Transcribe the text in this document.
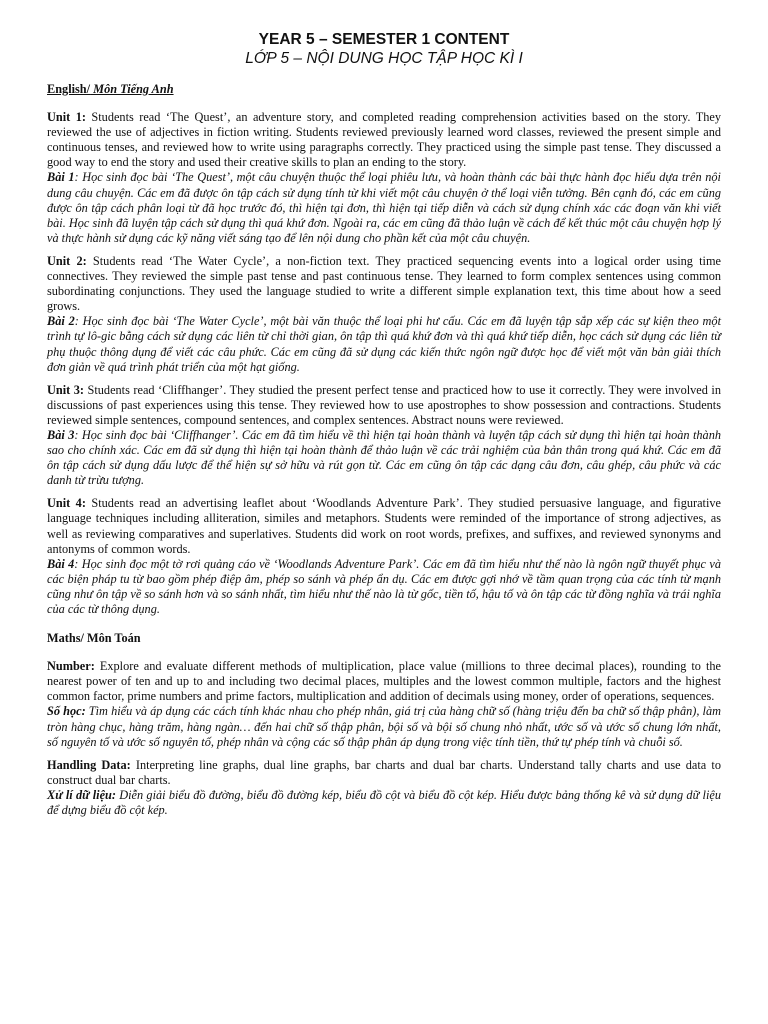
YEAR 5 – SEMESTER 1 CONTENT
LỚP 5 – NỘI DUNG HỌC TẬP HỌC KÌ I
English/ Môn Tiếng Anh

Unit 1: Students read ‘The Quest’, an adventure story, and completed reading comprehension activities based on the story. They reviewed the use of adjectives in fiction writing. Students reviewed previously learned word classes, reviewed the present simple and continuous tenses, and reviewed how to write using paragraphs correctly. They practiced using the simple past tense. They discussed a good way to end the story and used their creative skills to plan an ending to the story.

Bài 1: Học sinh đọc bài ‘The Quest’, một câu chuyện thuộc thể loại phiêu lưu, và hoàn thành các bài thực hành đọc hiểu dựa trên nội dung câu chuyện. Các em đã được ôn tập cách sử dụng tính từ khi viết một câu chuyện ở thể loại viễn tưởng. Bên cạnh đó, các em cũng được ôn tập cách phân loại từ đã học trước đó, thì hiện tại đơn, thì hiện tại tiếp diễn và cách sử dụng chính xác các đoạn văn khi viết bài. Học sinh đã luyện tập cách sử dụng thì quá khứ đơn. Ngoài ra, các em cũng đã thảo luận về cách để kết thúc một câu chuyện hợp lý và thực hành sử dụng các kỹ năng viết sáng tạo để lên nội dung cho phần kết của một câu chuyện.

Unit 2: Students read ‘The Water Cycle’, a non-fiction text. They practiced sequencing events into a logical order using time connectives. They reviewed the simple past tense and past continuous tense. They learned to form complex sentences using common subordinating conjunctions. They used the language studied to write a different simple explanation text, this time about how a seed grows.

Bài 2: Học sinh đọc bài ‘The Water Cycle’, một bài văn thuộc thể loại phi hư cấu. Các em đã luyện tập sắp xếp các sự kiện theo một trình tự lô-gic bằng cách sử dụng các liên từ chỉ thời gian, ôn tập thì quá khứ đơn và thì quá khứ tiếp diễn, học cách sử dụng các liên từ phụ thuộc thông dụng để viết các câu phức. Các em cũng đã sử dụng các kiến thức ngôn ngữ được học để viết một văn bản giải thích đơn giản về quá trình phát triển của một hạt giống.

Unit 3: Students read ‘Cliffhanger’. They studied the present perfect tense and practiced how to use it correctly. They were involved in discussions of past experiences using this tense. They reviewed how to use apostrophes to show possession and contractions. Students reviewed simple sentences, compound sentences, and complex sentences. Abstract nouns were reviewed.

Bài 3: Học sinh đọc bài ‘Cliffhanger’. Các em đã tìm hiểu về thì hiện tại hoàn thành và luyện tập cách sử dụng thì hiện tại hoàn thành sao cho chính xác. Các em đã sử dụng thì hiện tại hoàn thành để thảo luận về các trải nghiệm của bản thân trong quá khứ. Các em đã ôn tập cách sử dụng dấu lược để thể hiện sự sở hữu và rút gọn từ. Các em cũng ôn tập các dạng câu đơn, câu ghép, câu phức và các danh từ trừu tượng.

Unit 4: Students read an advertising leaflet about ‘Woodlands Adventure Park’. They studied persuasive language, and figurative language techniques including alliteration, similes and metaphors. Students were reminded of the importance of strong adjectives, as well as reviewing comparatives and superlatives. Students did work on root words, prefixes, and suffixes, and reviewed synonyms and antonyms of common words.

Bài 4: Học sinh đọc một tờ rơi quảng cáo về ‘Woodlands Adventure Park’. Các em đã tìm hiểu như thế nào là ngôn ngữ thuyết phục và các biện pháp tu từ bao gồm phép điệp âm, phép so sánh và phép ẩn dụ. Các em được gợi nhớ về tầm quan trọng của các tính từ mạnh cũng như ôn tập về so sánh hơn và so sánh nhất, tìm hiểu như thế nào là từ gốc, tiền tố, hậu tố và ôn tập các từ đồng nghĩa và trái nghĩa của các từ thông dụng.

Maths/ Môn Toán

Number: Explore and evaluate different methods of multiplication, place value (millions to three decimal places), rounding to the nearest power of ten and up to and including two decimal places, multiples and the lowest common multiple, factors and the highest common factor, prime numbers and prime factors, multiplication and addition of decimals using money, order of operations, sequences.

Số học: Tìm hiểu và áp dụng các cách tính khác nhau cho phép nhân, giá trị của hàng chữ số (hàng triệu đến ba chữ số thập phân), làm tròn hàng chục, hàng trăm, hàng ngàn… đến hai chữ số thập phân, bội số và bội số chung nhỏ nhất, ước số và ước số chung lớn nhất, số nguyên tố và ước số nguyên tố, phép nhân và cộng các số thập phân áp dụng trong việc tính tiền, thứ tự phép tính và chuỗi số.

Handling Data: Interpreting line graphs, dual line graphs, bar charts and dual bar charts. Understand tally charts and use data to construct dual bar charts.

Xử lí dữ liệu: Diễn giải biểu đồ đường, biểu đồ đường kép, biểu đồ cột và biểu đồ cột kép. Hiểu được bảng thống kê và sử dụng dữ liệu để dựng biểu đồ cột kép.
